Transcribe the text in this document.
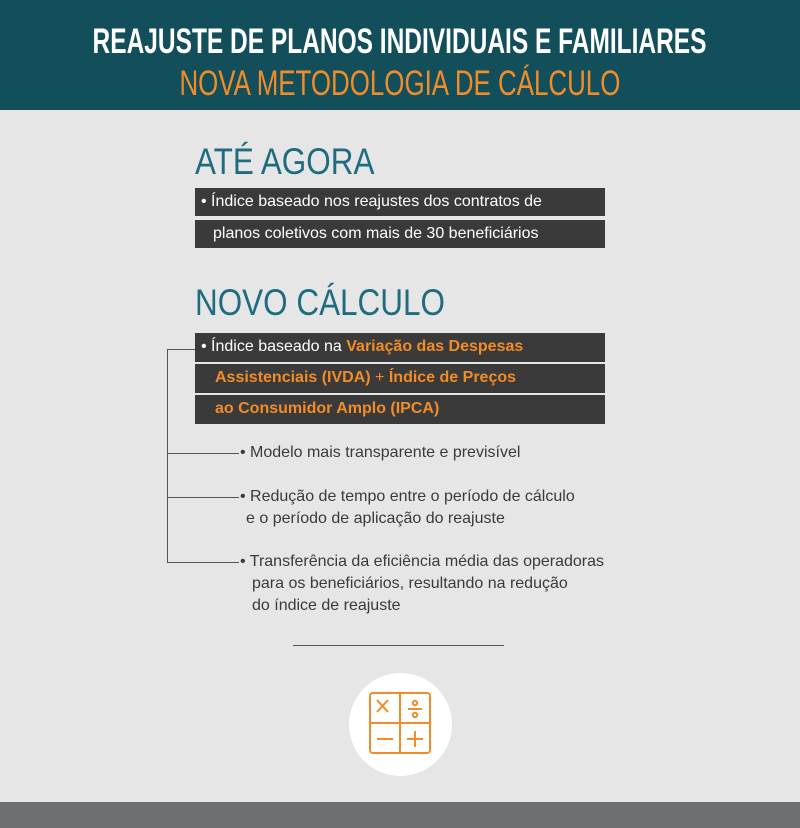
REAJUSTE DE PLANOS INDIVIDUAIS E FAMILIARES
NOVA METODOLOGIA DE CÁLCULO
ATÉ AGORA
• Índice baseado nos reajustes dos contratos de
planos coletivos com mais de 30 beneficiários
NOVO CÁLCULO
• Índice baseado na Variação das Despesas
Assistenciais (IVDA) + Índice de Preços
ao Consumidor Amplo (IPCA)
• Modelo mais transparente e previsível
• Redução de tempo entre o período de cálculo
e o período de aplicação do reajuste
• Transferência da eficiência média das operadoras
para os beneficiários, resultando na redução
do índice de reajuste
